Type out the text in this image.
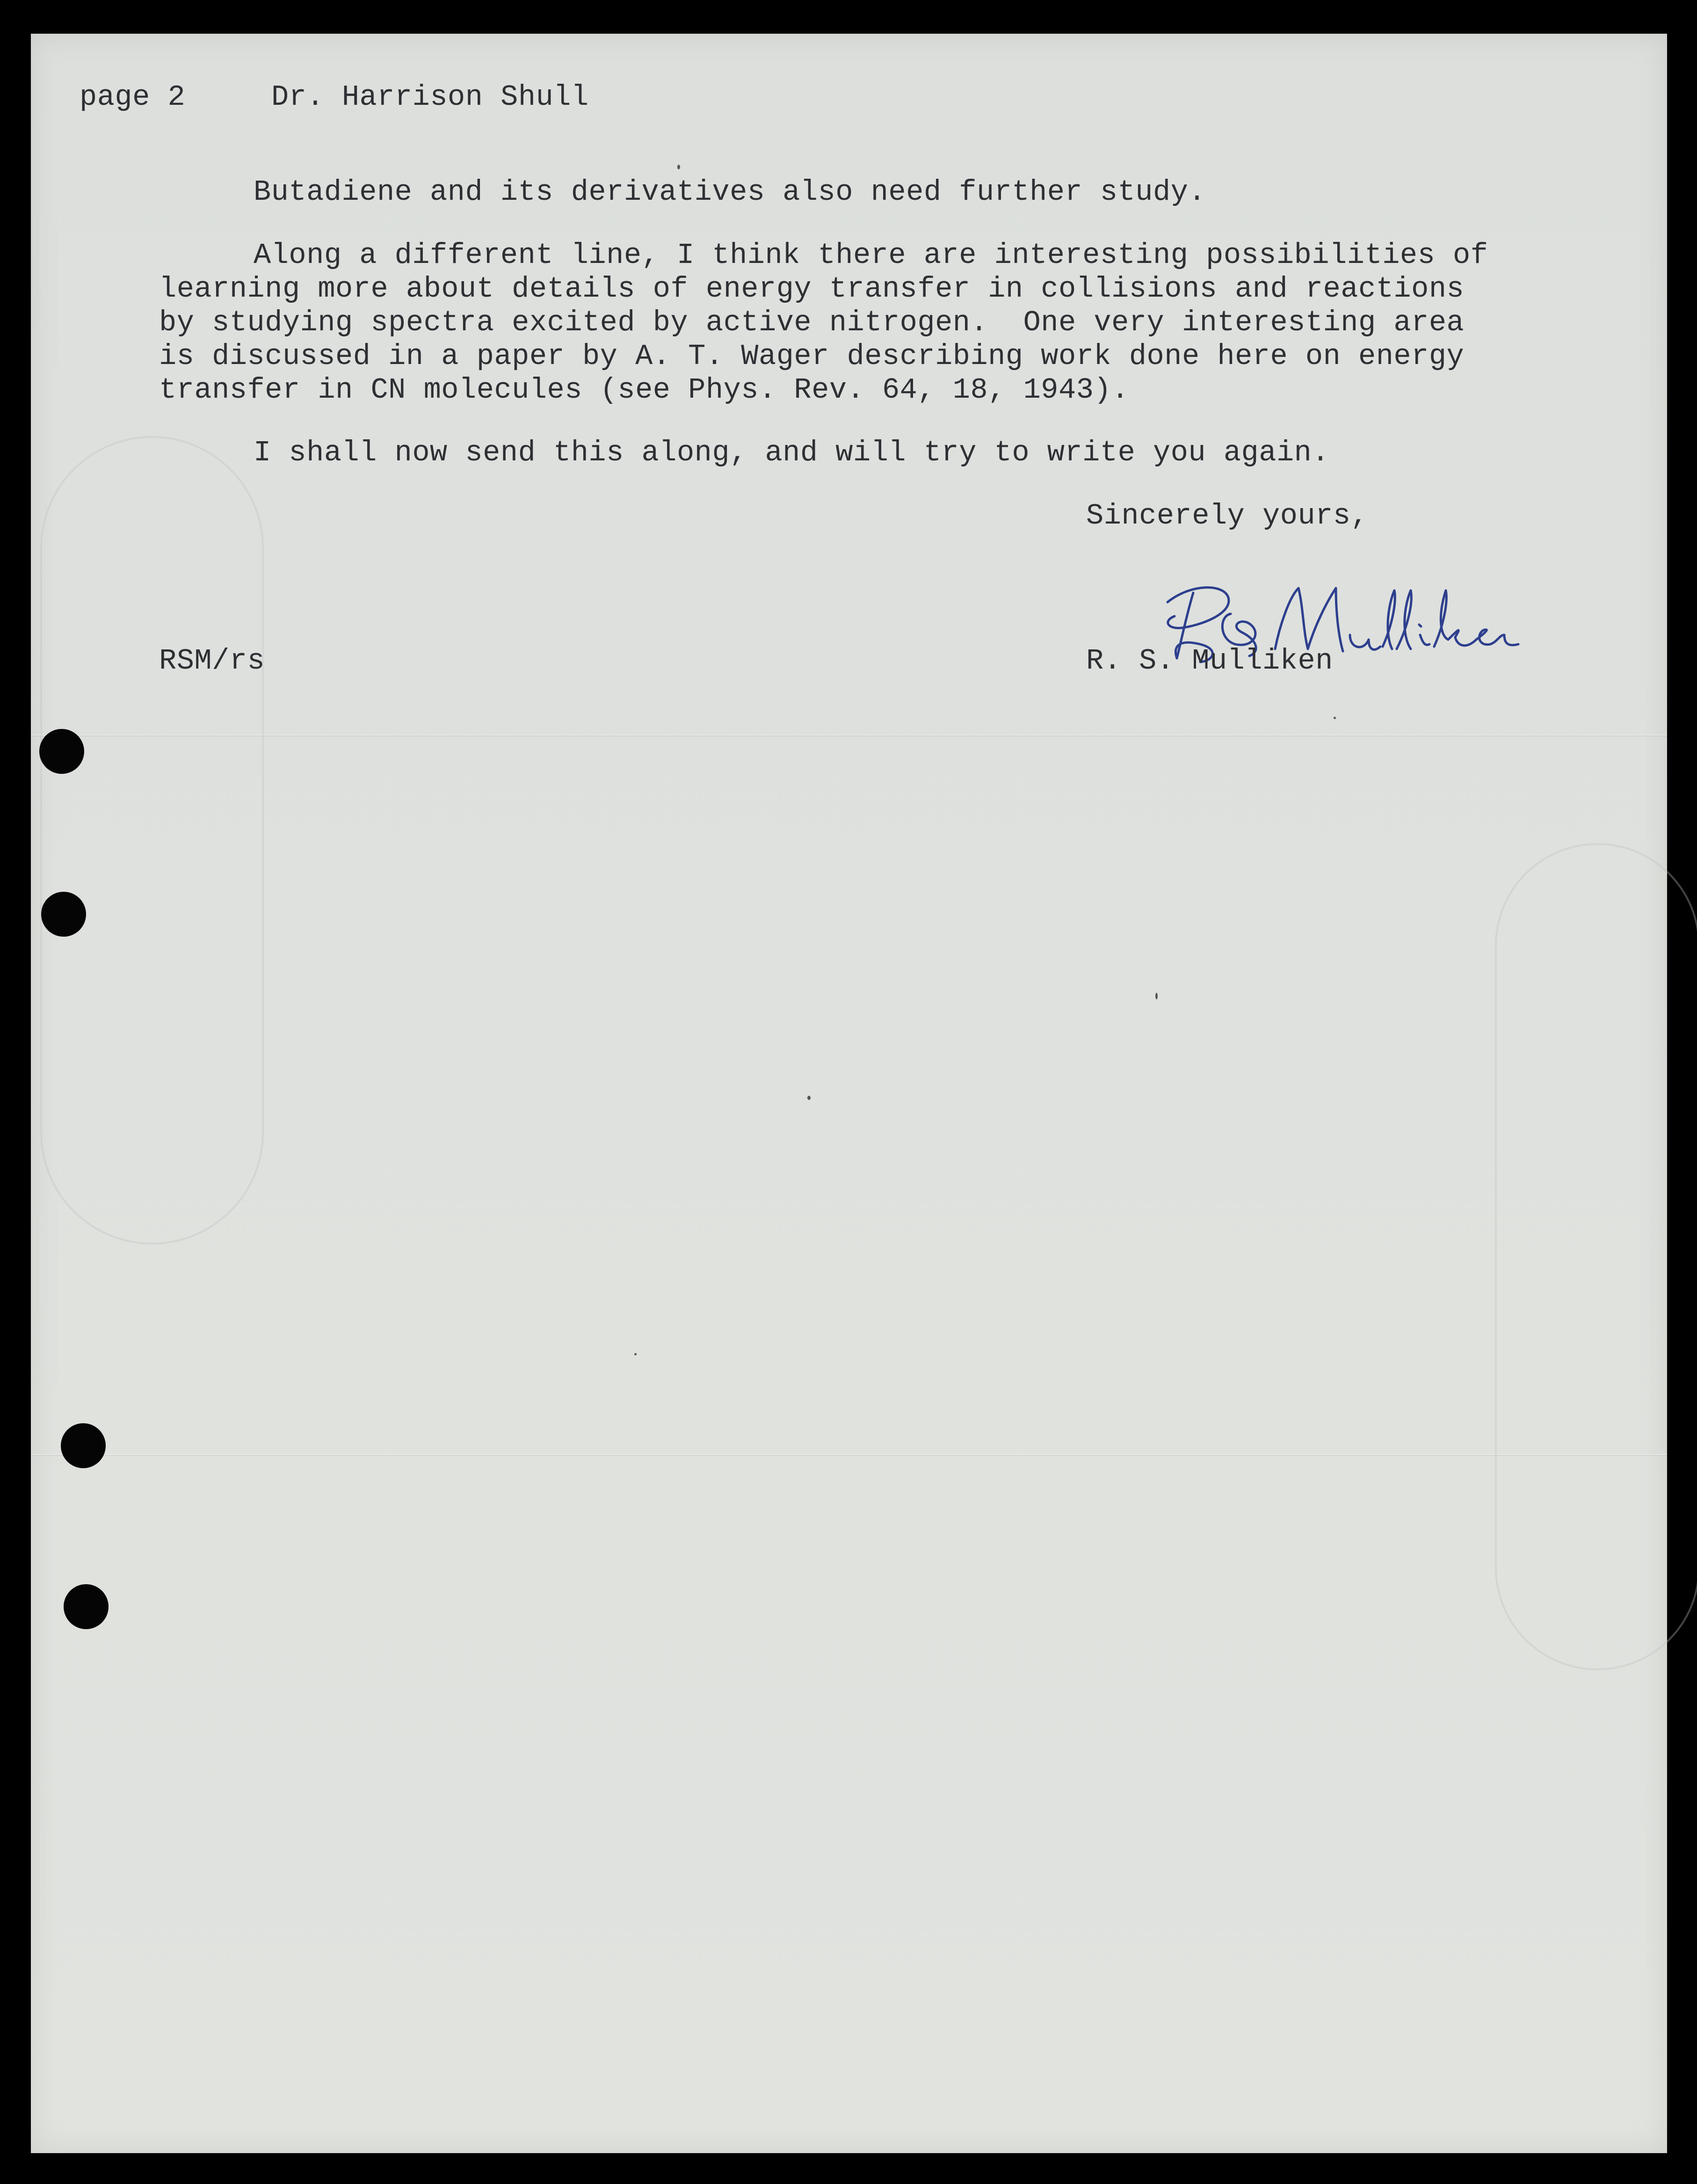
page 2	Dr. Harrison Shull
Butadiene and its derivatives also need further study.
Along a different line, I think there are interesting possibilities of
learning more about details of energy transfer in collisions and reactions
by studying spectra excited by active nitrogen.  One very interesting area
is discussed in a paper by A. T. Wager describing work done here on energy
transfer in CN molecules (see Phys. Rev. 64, 18, 1943).
I shall now send this along, and will try to write you again.
Sincerely yours,
RSM/rs	R. S. Mulliken
